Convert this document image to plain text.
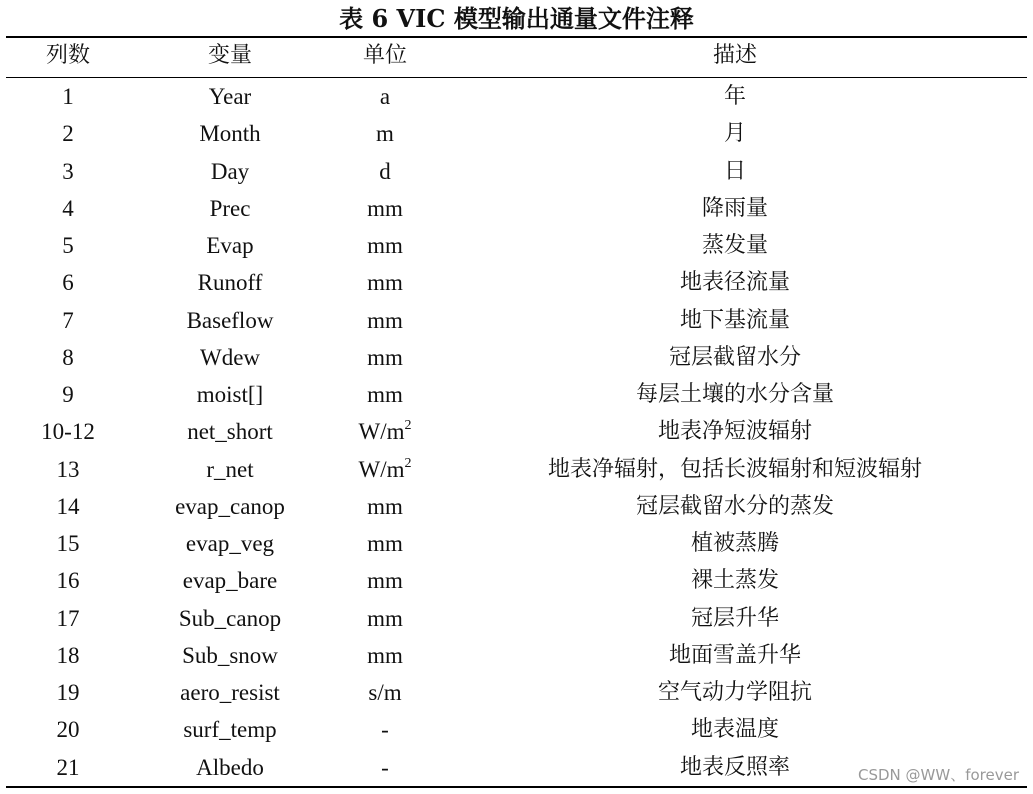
表 6 VIC 模型输出通量文件注释
列数	变量	单位	描述
1	Year	a	年
2	Month	m	月
3	Day	d	日
4	Prec	mm	降雨量
5	Evap	mm	蒸发量
6	Runoff	mm	地表径流量
7	Baseflow	mm	地下基流量
8	Wdew	mm	冠层截留水分
9	moist[]	mm	每层土壤的水分含量
10-12	net_short	$W/m^2$	地表净短波辐射
13	r_net	$W/m^2$	地表净辐射，包括长波辐射和短波辐射
14	evap_canop	mm	冠层截留水分的蒸发
15	evap_veg	mm	植被蒸腾
16	evap_bare	mm	裸土蒸发
17	Sub_canop	mm	冠层升华
18	Sub_snow	mm	地面雪盖升华
19	aero_resist	s/m	空气动力学阻抗
20	surf_temp	-	地表温度
21	Albedo	-	地表反照率	CSDN @WW、forever
